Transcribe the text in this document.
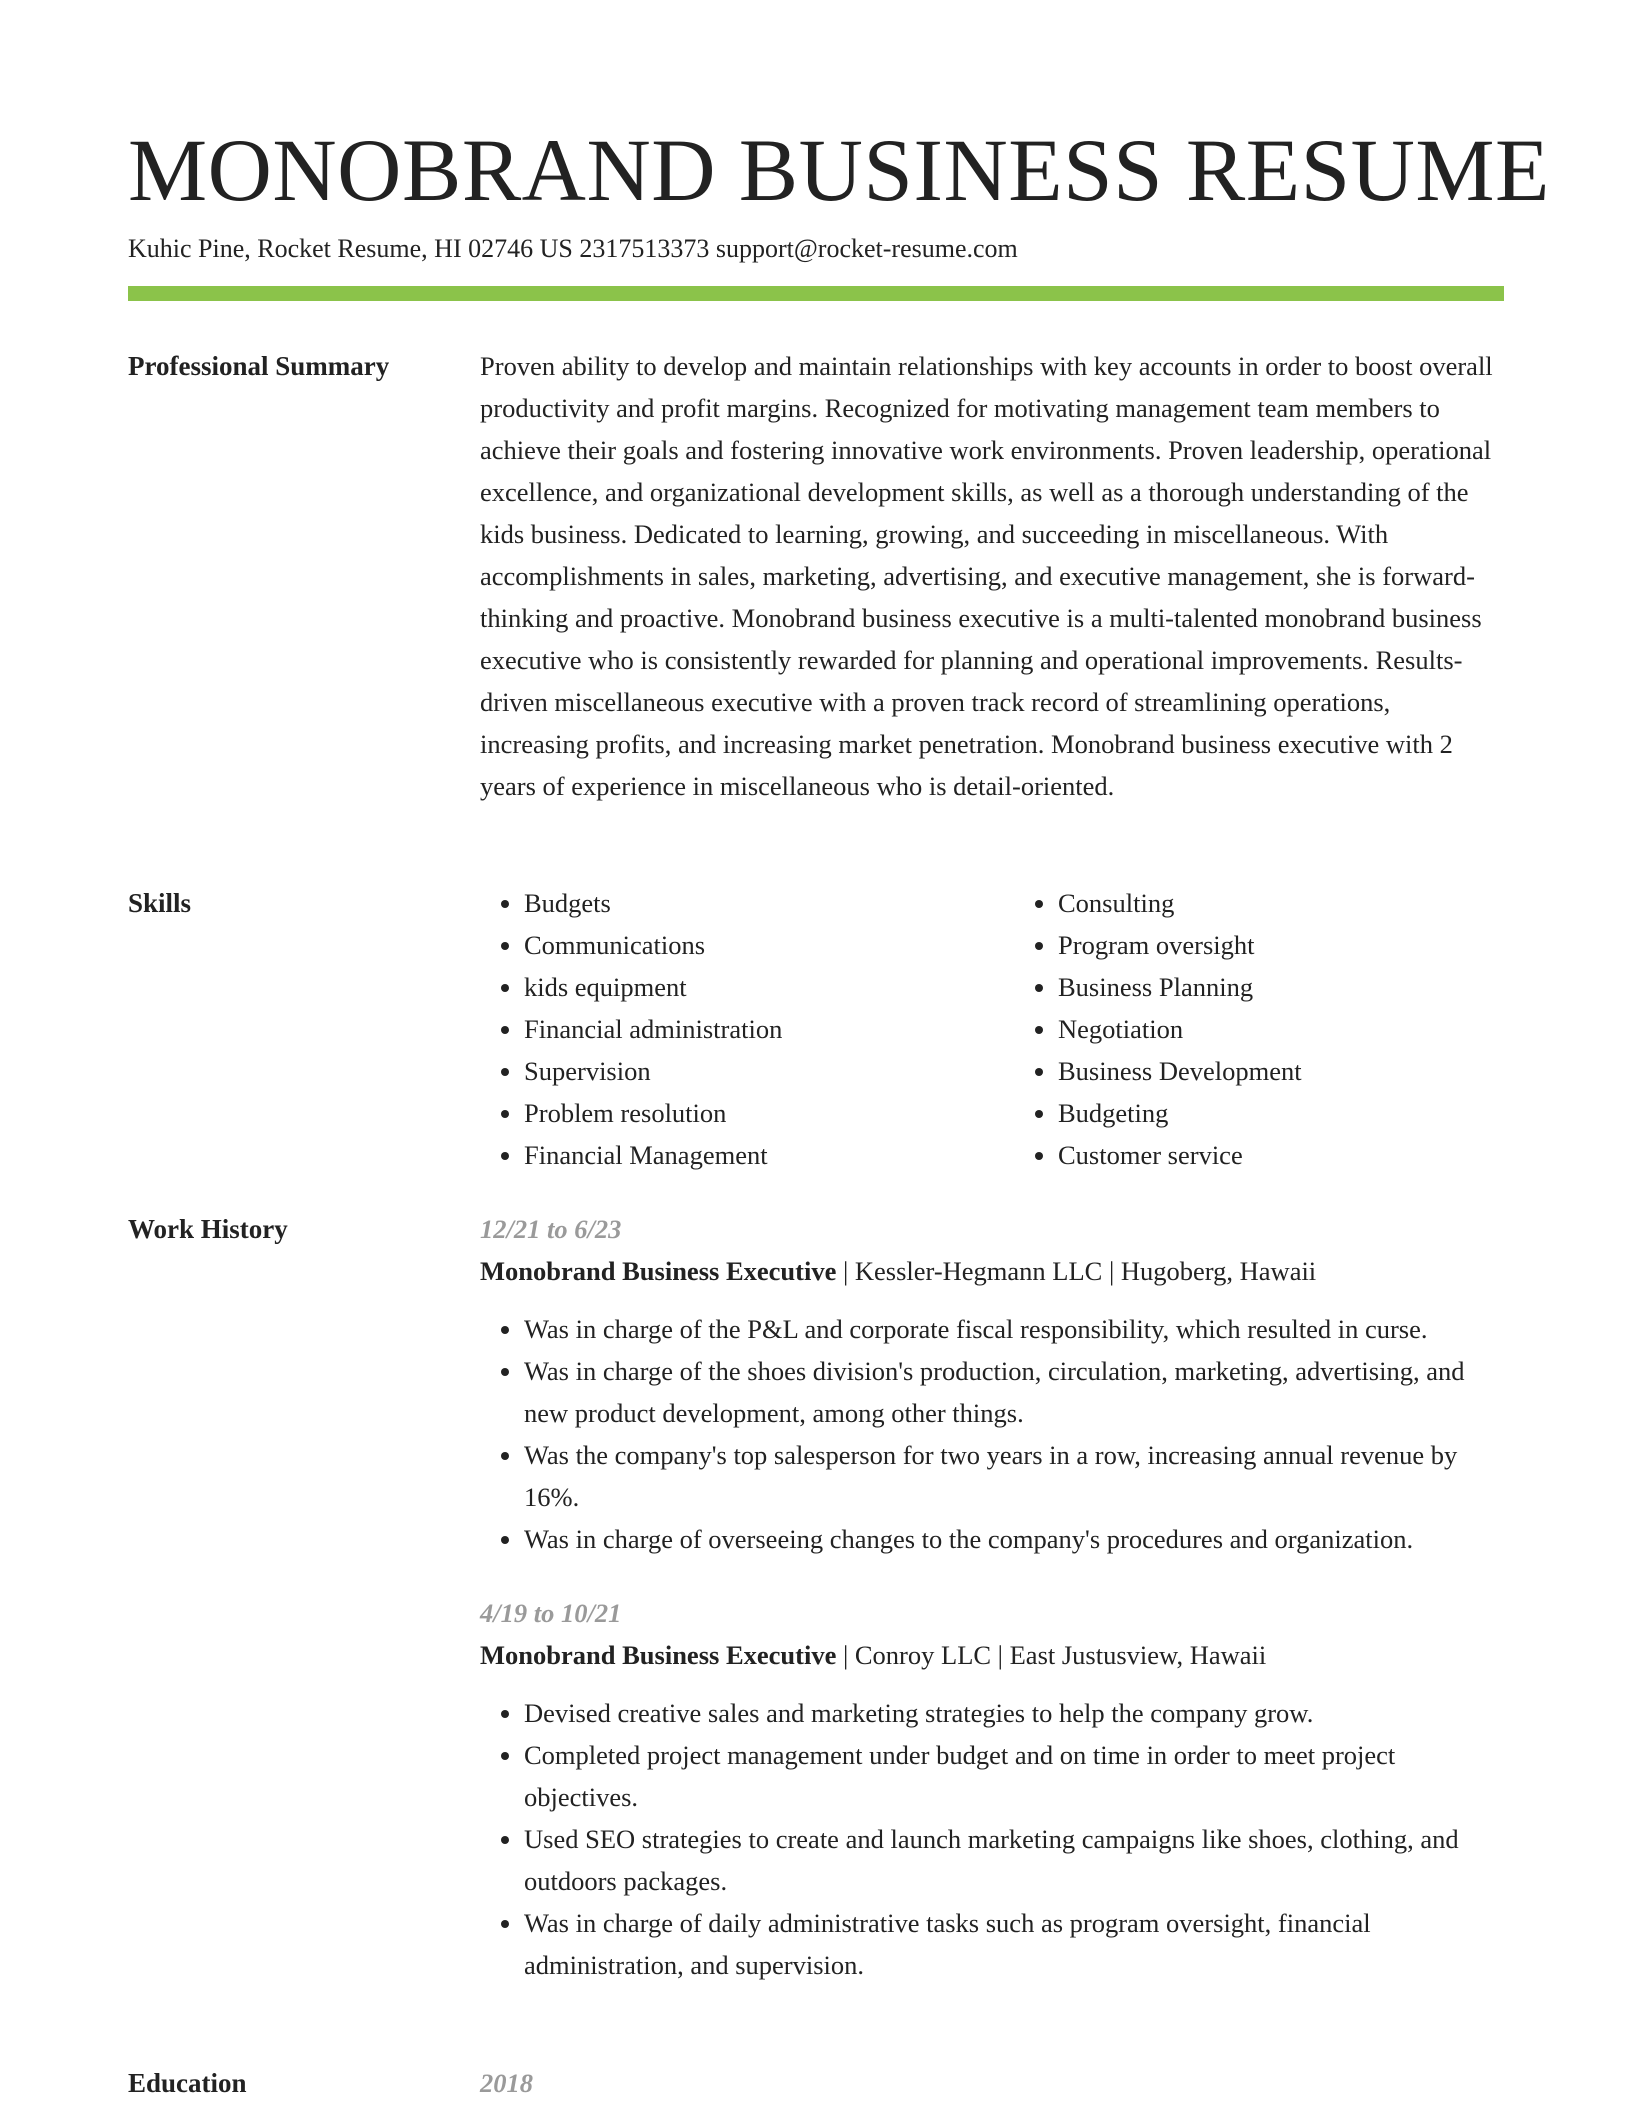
MONOBRAND BUSINESS RESUME
Kuhic Pine, Rocket Resume, HI 02746 US 2317513373 support@rocket-resume.com
Professional Summary	Proven ability to develop and maintain relationships with key accounts in order to boost overall productivity and profit margins. Recognized for motivating management team members to achieve their goals and fostering innovative work environments. Proven leadership, operational excellence, and organizational development skills, as well as a thorough understanding of the kids business. Dedicated to learning, growing, and succeeding in miscellaneous. With accomplishments in sales, marketing, advertising, and executive management, she is forward-thinking and proactive. Monobrand business executive is a multi-talented monobrand business executive who is consistently rewarded for planning and operational improvements. Results-driven miscellaneous executive with a proven track record of streamlining operations, increasing profits, and increasing market penetration. Monobrand business executive with 2 years of experience in miscellaneous who is detail-oriented.

Skills
•	Budgets
• Communications
• kids equipment
• Financial administration
• Supervision
• Problem resolution
• Financial Management
• Consulting
• Program oversight
• Business Planning
• Negotiation
• Business Development
• Budgeting
• Customer service
Work History	12/21 to 6/23
Monobrand Business Executive | Kessler-Hegmann LLC | Hugoberg, Hawaii
• Was in charge of the P&L and corporate fiscal responsibility, which resulted in curse.
• Was in charge of the shoes division's production, circulation, marketing, advertising, and new product development, among other things.
• Was the company's top salesperson for two years in a row, increasing annual revenue by 16%.
• Was in charge of overseeing changes to the company's procedures and organization.
4/19 to 10/21
Monobrand Business Executive | Conroy LLC | East Justusview, Hawaii
• Devised creative sales and marketing strategies to help the company grow.
• Completed project management under budget and on time in order to meet project objectives.
• Used SEO strategies to create and launch marketing campaigns like shoes, clothing, and outdoors packages.
• Was in charge of daily administrative tasks such as program oversight, financial administration, and supervision.
Education	2018
